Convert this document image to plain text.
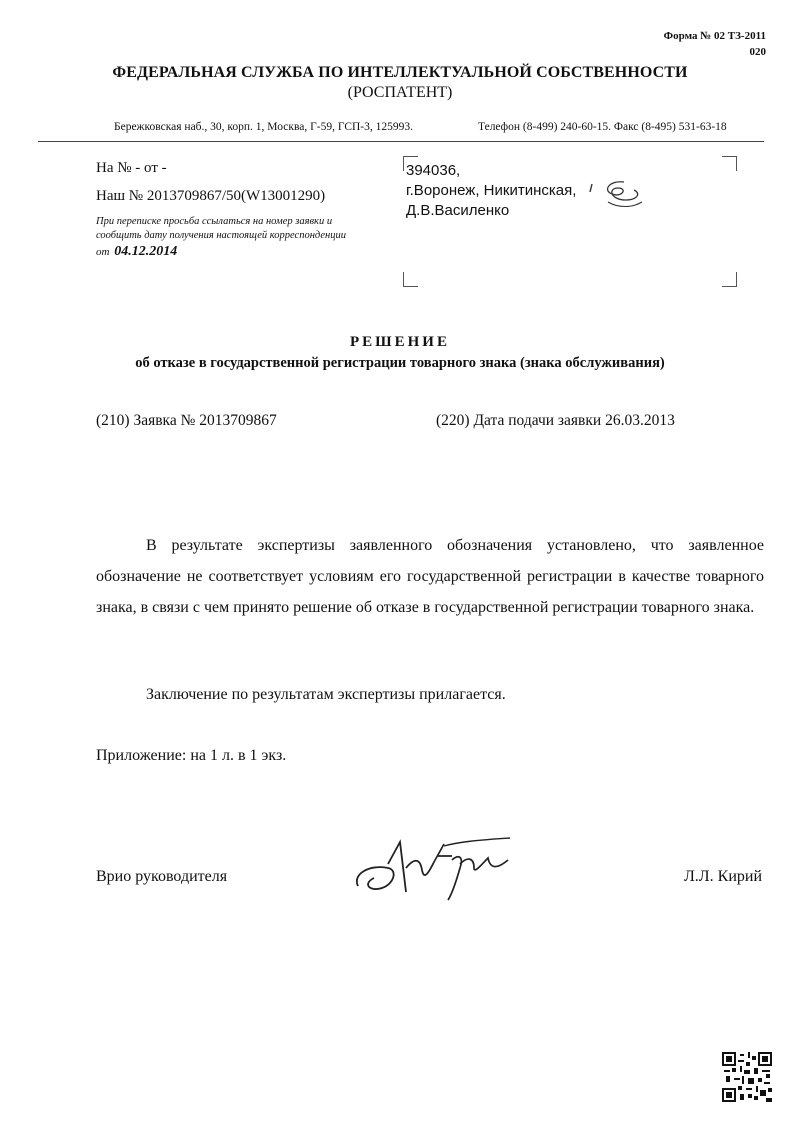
Форма № 02 ТЗ-2011
020
ФЕДЕРАЛЬНАЯ СЛУЖБА ПО ИНТЕЛЛЕКТУАЛЬНОЙ СОБСТВЕННОСТИ
(РОСПАТЕНТ)
Бережковская наб., 30, корп. 1, Москва, Г-59, ГСП-3, 125993.	Телефон (8-499) 240-60-15. Факс (8-495) 531-63-18
На № - от -
Наш № 2013709867/50(W13001290)
При переписке просьба ссылаться на номер заявки и сообщить дату получения настоящей корреспонденции
от 04.12.2014
394036,
г.Воронеж, Никитинская,
Д.В.Василенко
РЕШЕНИЕ
об отказе в государственной регистрации товарного знака (знака обслуживания)
(210) Заявка № 2013709867	(220) Дата подачи заявки 26.03.2013
В результате экспертизы заявленного обозначения установлено, что заявленное обозначение не соответствует условиям его государственной регистрации в качестве товарного знака, в связи с чем принято решение об отказе в государственной регистрации товарного знака.
Заключение по результатам экспертизы прилагается.
Приложение: на 1 л. в 1 экз.
Врио руководителя	Л.Л. Кирий
